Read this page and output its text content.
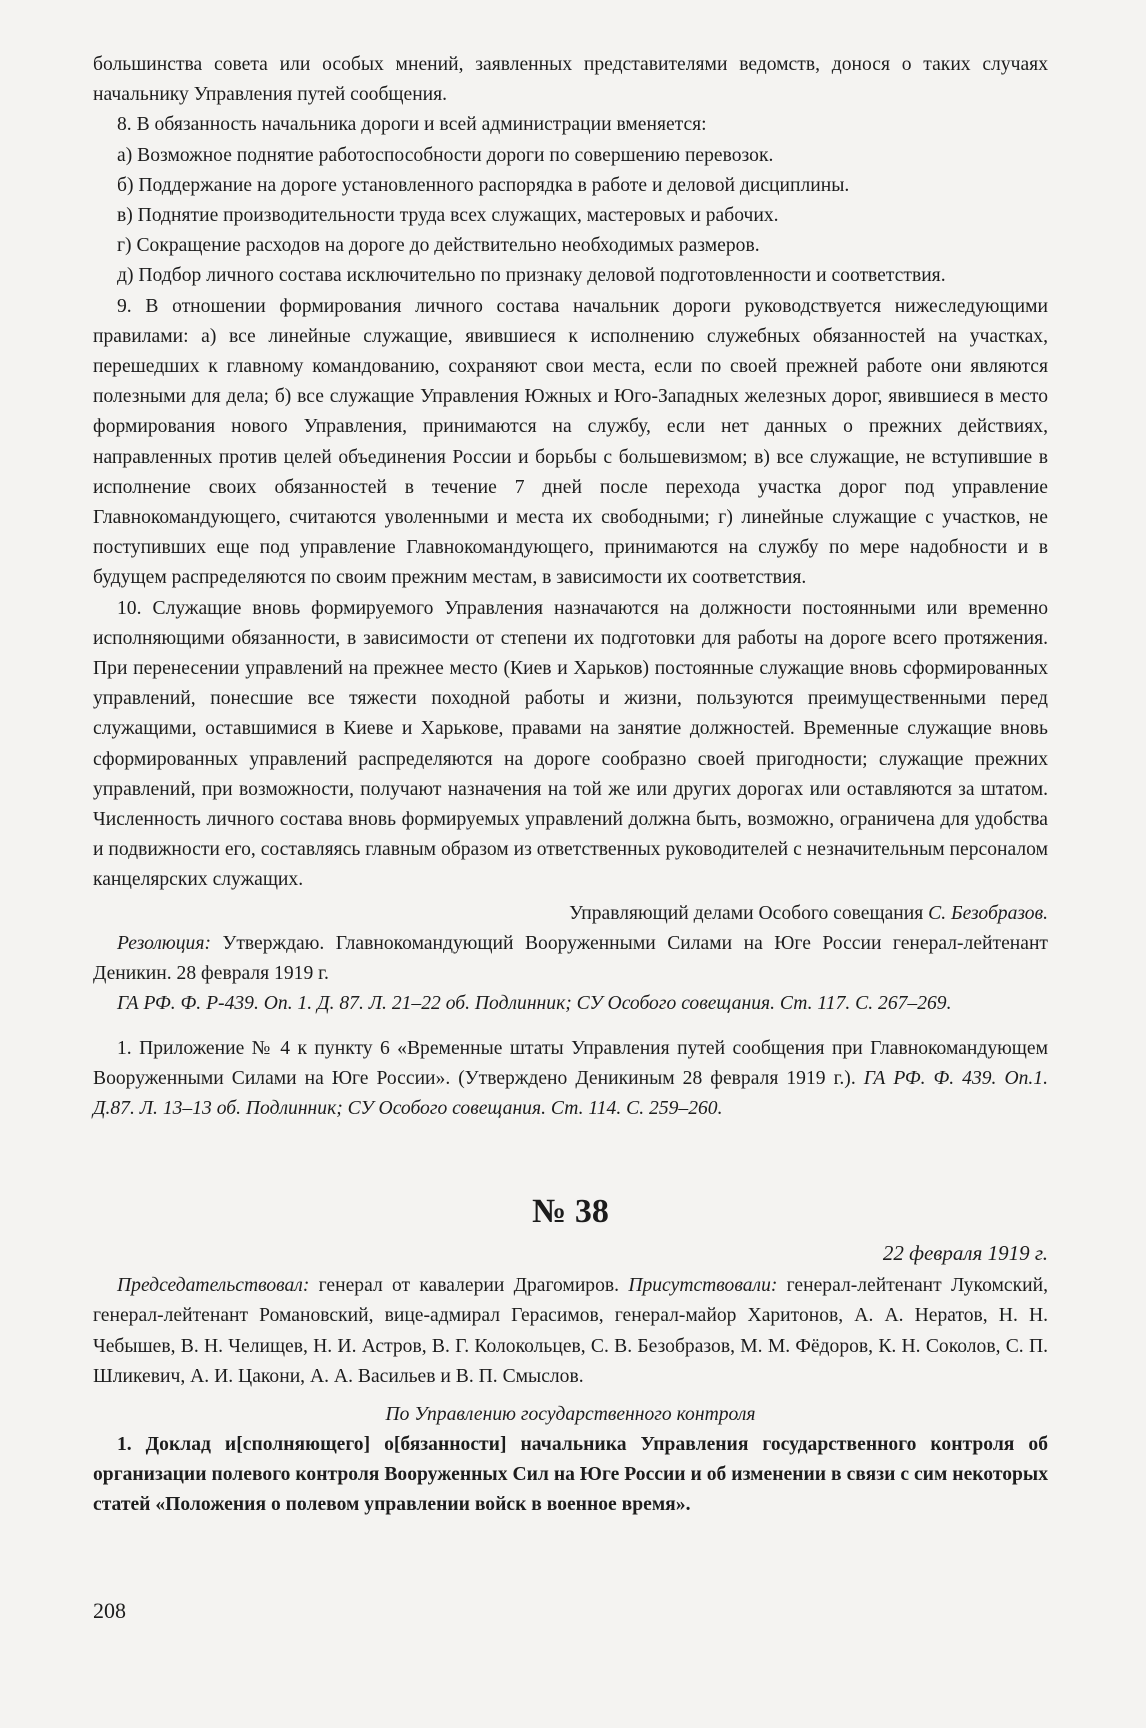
большинства совета или особых мнений, заявленных представителями ведомств, донося о таких случаях начальнику Управления путей сообщения.

8. В обязанность начальника дороги и всей администрации вменяется:

а) Возможное поднятие работоспособности дороги по совершению перевозок.

б) Поддержание на дороге установленного распорядка в работе и деловой дисциплины.

в) Поднятие производительности труда всех служащих, мастеровых и рабочих.

г) Сокращение расходов на дороге до действительно необходимых размеров.

д) Подбор личного состава исключительно по признаку деловой подготовленности и соответствия.

9. В отношении формирования личного состава начальник дороги руководствуется нижеследующими правилами: а) все линейные служащие, явившиеся к исполнению служебных обязанностей на участках, перешедших к главному командованию, сохраняют свои места, если по своей прежней работе они являются полезными для дела; б) все служащие Управления Южных и Юго-Западных железных дорог, явившиеся в место формирования нового Управления, принимаются на службу, если нет данных о прежних действиях, направленных против целей объединения России и борьбы с большевизмом; в) все служащие, не вступившие в исполнение своих обязанностей в течение 7 дней после перехода участка дорог под управление Главнокомандующего, считаются уволенными и места их свободными; г) линейные служащие с участков, не поступивших еще под управление Главнокомандующего, принимаются на службу по мере надобности и в будущем распределяются по своим прежним местам, в зависимости их соответствия.

10. Служащие вновь формируемого Управления назначаются на должности постоянными или временно исполняющими обязанности, в зависимости от степени их подготовки для работы на дороге всего протяжения. При перенесении управлений на прежнее место (Киев и Харьков) постоянные служащие вновь сформированных управлений, понесшие все тяжести походной работы и жизни, пользуются преимущественными перед служащими, оставшимися в Киеве и Харькове, правами на занятие должностей. Временные служащие вновь сформированных управлений распределяются на дороге сообразно своей пригодности; служащие прежних управлений, при возможности, получают назначения на той же или других дорогах или оставляются за штатом. Численность личного состава вновь формируемых управлений должна быть, возможно, ограничена для удобства и подвижности его, составляясь главным образом из ответственных руководителей с незначительным персоналом канцелярских служащих.

Управляющий делами Особого совещания С. Безобразов.

Резолюция: Утверждаю. Главнокомандующий Вооруженными Силами на Юге России генерал-лейтенант Деникин. 28 февраля 1919 г.

ГА РФ. Ф. Р-439. Оп. 1. Д. 87. Л. 21–22 об. Подлинник; СУ Особого совещания. Ст. 117. С. 267–269.

1. Приложение № 4 к пункту 6 «Временные штаты Управления путей сообщения при Главнокомандующем Вооруженными Силами на Юге России». (Утверждено Деникиным 28 февраля 1919 г.). ГА РФ. Ф. 439. Оп.1. Д.87. Л. 13–13 об. Подлинник; СУ Особого совещания. Ст. 114. С. 259–260.

№ 38

22 февраля 1919 г.

Председательствовал: генерал от кавалерии Драгомиров. Присутствовали: генерал-лейтенант Лукомский, генерал-лейтенант Романовский, вице-адмирал Герасимов, генерал-майор Харитонов, А. А. Нератов, Н. Н. Чебышев, В. Н. Челищев, Н. И. Астров, В. Г. Колокольцев, С. В. Безобразов, М. М. Фёдоров, К. Н. Соколов, С. П. Шликевич, А. И. Цакони, А. А. Васильев и В. П. Смыслов.

По Управлению государственного контроля

1. Доклад и[сполняющего] о[бязанности] начальника Управления государственного контроля об организации полевого контроля Вооруженных Сил на Юге России и об изменении в связи с сим некоторых статей «Положения о полевом управлении войск в военное время».

208
